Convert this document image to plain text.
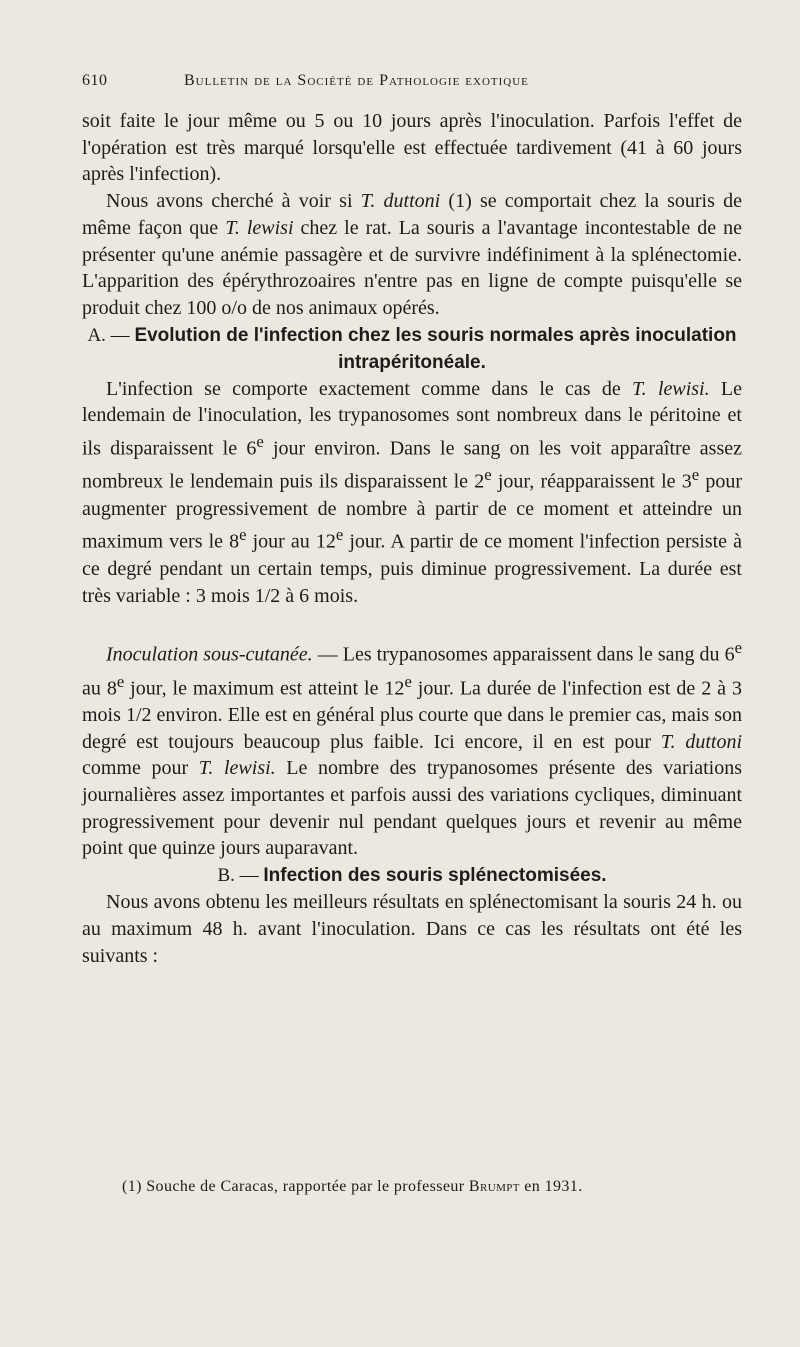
610	Bulletin de la Société de Pathologie exotique

soit faite le jour même ou 5 ou 10 jours après l'inoculation. Parfois l'effet de l'opération est très marqué lorsqu'elle est effectuée tardivement (41 à 60 jours après l'infection).

Nous avons cherché à voir si T. duttoni (1) se comportait chez la souris de même façon que T. lewisi chez le rat. La souris a l'avantage incontestable de ne présenter qu'une anémie passagère et de survivre indéfiniment à la splénectomie. L'apparition des épérythrozoaires n'entre pas en ligne de compte puisqu'elle se produit chez 100 o/o de nos animaux opérés.

A. — Evolution de l'infection chez les souris normales après inoculation intrapéritonéale.

L'infection se comporte exactement comme dans le cas de T. lewisi. Le lendemain de l'inoculation, les trypanosomes sont nombreux dans le péritoine et ils disparaissent le 6e jour environ. Dans le sang on les voit apparaître assez nombreux le lendemain puis ils disparaissent le 2e jour, réapparaissent le 3e pour augmenter progressivement de nombre à partir de ce moment et atteindre un maximum vers le 8e jour au 12e jour. A partir de ce moment l'infection persiste à ce degré pendant un certain temps, puis diminue progressivement. La durée est très variable : 3 mois 1/2 à 6 mois.

Inoculation sous-cutanée. — Les trypanosomes apparaissent dans le sang du 6e au 8e jour, le maximum est atteint le 12e jour. La durée de l'infection est de 2 à 3 mois 1/2 environ. Elle est en général plus courte que dans le premier cas, mais son degré est toujours beaucoup plus faible. Ici encore, il en est pour T. duttoni comme pour T. lewisi. Le nombre des trypanosomes présente des variations journalières assez importantes et parfois aussi des variations cycliques, diminuant progressivement pour devenir nul pendant quelques jours et revenir au même point que quinze jours auparavant.

B. — Infection des souris splénectomisées.

Nous avons obtenu les meilleurs résultats en splénectomisant la souris 24 h. ou au maximum 48 h. avant l'inoculation. Dans ce cas les résultats ont été les suivants :

(1) Souche de Caracas, rapportée par le professeur Brumpt en 1931.
